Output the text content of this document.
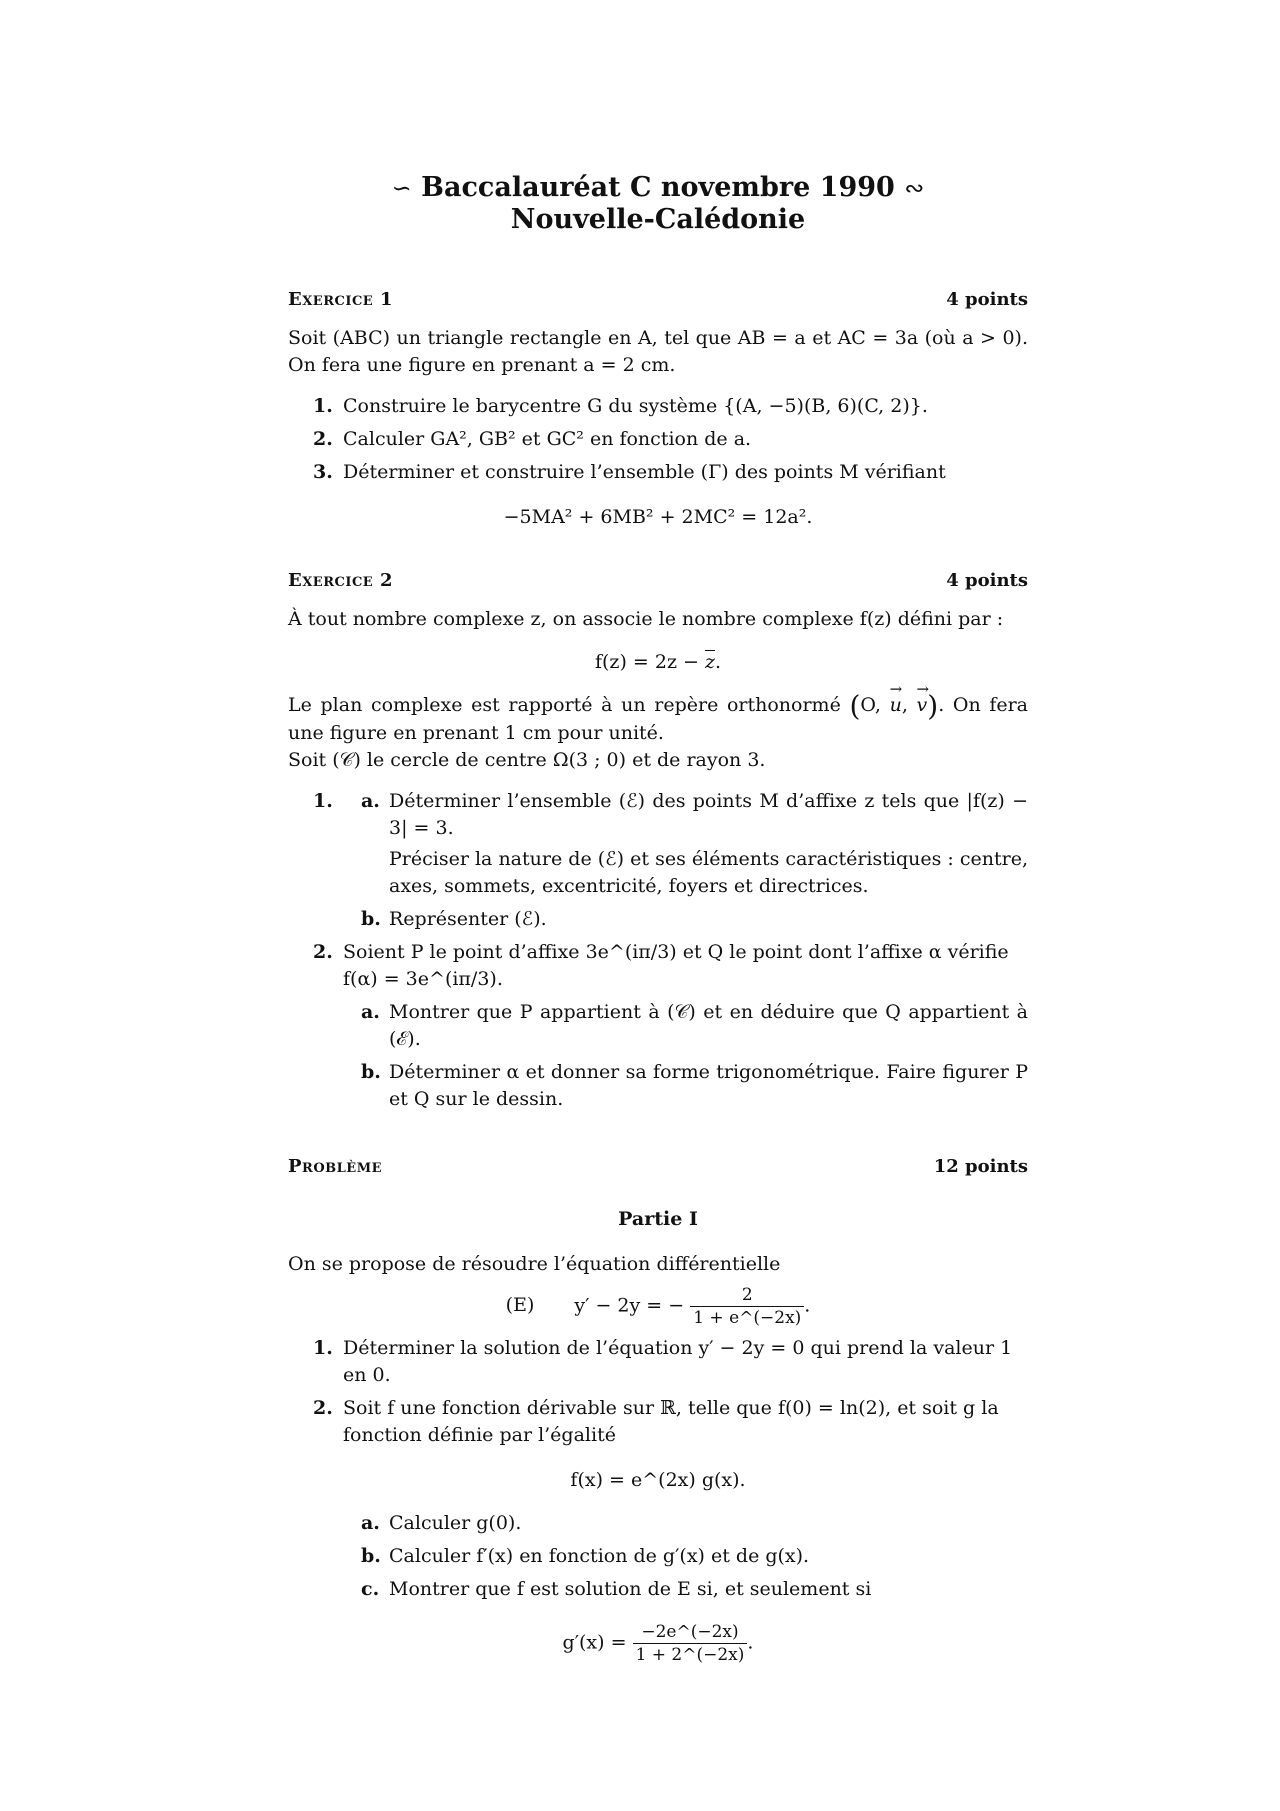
∽ Baccalauréat C novembre 1990 ∾
Nouvelle-Calédonie
Exercice 1	4 points

Soit (ABC) un triangle rectangle en A, tel que AB = a et AC = 3a (où a > 0). On fera une figure en prenant a = 2 cm.

1. Construire le barycentre G du système {(A, −5)(B, 6)(C, 2)}.
2. Calculer GA², GB² et GC² en fonction de a.
3. Déterminer et construire l’ensemble (Γ) des points M vérifiant
−5MA² + 6MB² + 2MC² = 12a².
Exercice 2	4 points

À tout nombre complexe z, on associe le nombre complexe f(z) défini par :

$f(z) = 2z - \overline{z}$.

Le plan complexe est rapporté à un repère orthonormé (O, → u, → v). On fera une figure en prenant 1 cm pour unité.

Soit (𝒞) le cercle de centre Ω(3 ; 0) et de rayon 3.

1. a. Déterminer l’ensemble (ℰ) des points M d’affixe z tels que |f(z) − 3| = 3.
Préciser la nature de (ℰ) et ses éléments caractéristiques : centre, axes, sommets, excentricité, foyers et directrices.
b. Représenter (ℰ).
2. Soient P le point d’affixe 3e^(iπ/3) et Q le point dont l’affixe α vérifie f(α) = 3e^(iπ/3).
a. Montrer que P appartient à (𝒞) et en déduire que Q appartient à (ℰ).
b. Déterminer α et donner sa forme trigonométrique. Faire figurer P et Q sur le dessin.
Problème	12 points
Partie I

On se propose de résoudre l’équation différentielle

(E) y′ − 2y = − $\frac{2}{1 + e\^{}(-2x)}$ .
1. Déterminer la solution de l’équation y′ − 2y = 0 qui prend la valeur 1 en 0.
2. Soit f une fonction dérivable sur ℝ, telle que f(0) = ln(2), et soit g la fonction définie par l’égalité
f(x) = e^(2x) g(x).
a. Calculer g(0).
b. Calculer f′(x) en fonction de g′(x) et de g(x).
c. Montrer que f est solution de E si, et seulement si
$g'(x) = \frac{-2e\^{}(-2x)}{1 + 2\^{}(-2x)}$ .
